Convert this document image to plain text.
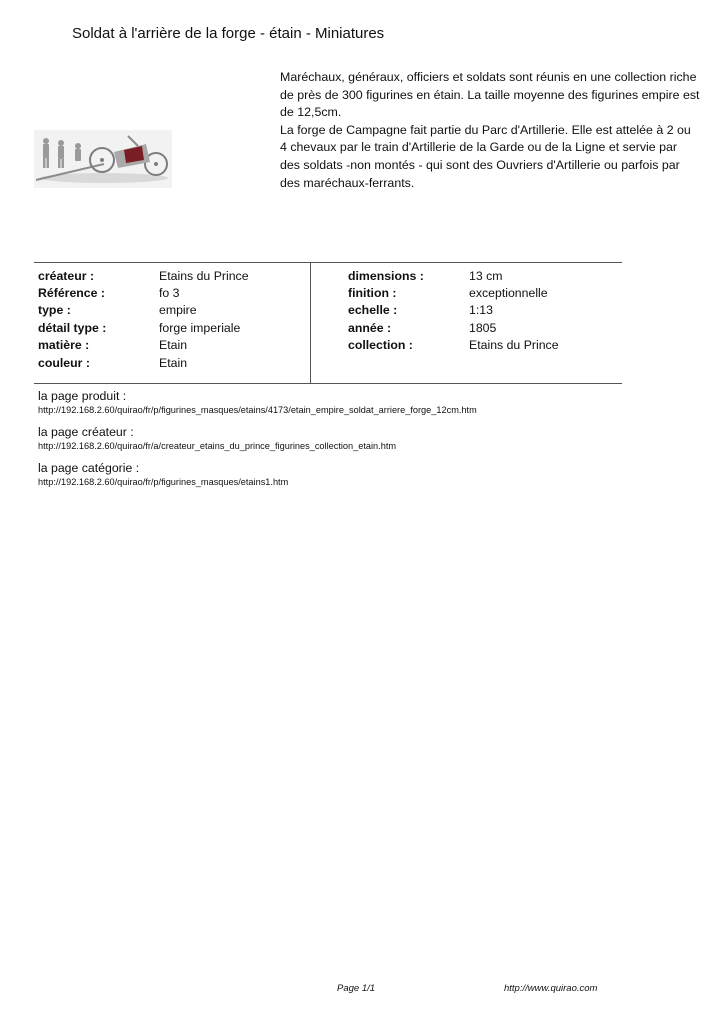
Soldat à l'arrière de la forge - étain - Miniatures

Maréchaux, généraux, officiers et soldats sont réunis en une collection riche de près de 300 figurines en étain. La taille moyenne des figurines empire est de 12,5cm.

La forge de Campagne fait partie du Parc d'Artillerie. Elle est attelée à 2 ou 4 chevaux par le train d'Artillerie de la Garde ou de la Ligne et servie par des soldats -non montés - qui sont des Ouvriers d'Artillerie ou parfois par des maréchaux-ferrants.

créateur :	Etains du Prince
Référence :	fo 3
type :	empire
détail type :	forge imperiale
matière :	Etain
couleur :	Etain
dimensions :	13 cm
finition :	exceptionnelle
echelle :	1:13
année :	1805
collection :	Etains du Prince
la page produit :
http://192.168.2.60/quirao/fr/p/figurines_masques/etains/4173/etain_empire_soldat_arriere_forge_12cm.htm
la page créateur :
http://192.168.2.60/quirao/fr/a/createur_etains_du_prince_figurines_collection_etain.htm
la page catégorie :
http://192.168.2.60/quirao/fr/p/figurines_masques/etains1.htm
Page 1/1	http://www.quirao.com
